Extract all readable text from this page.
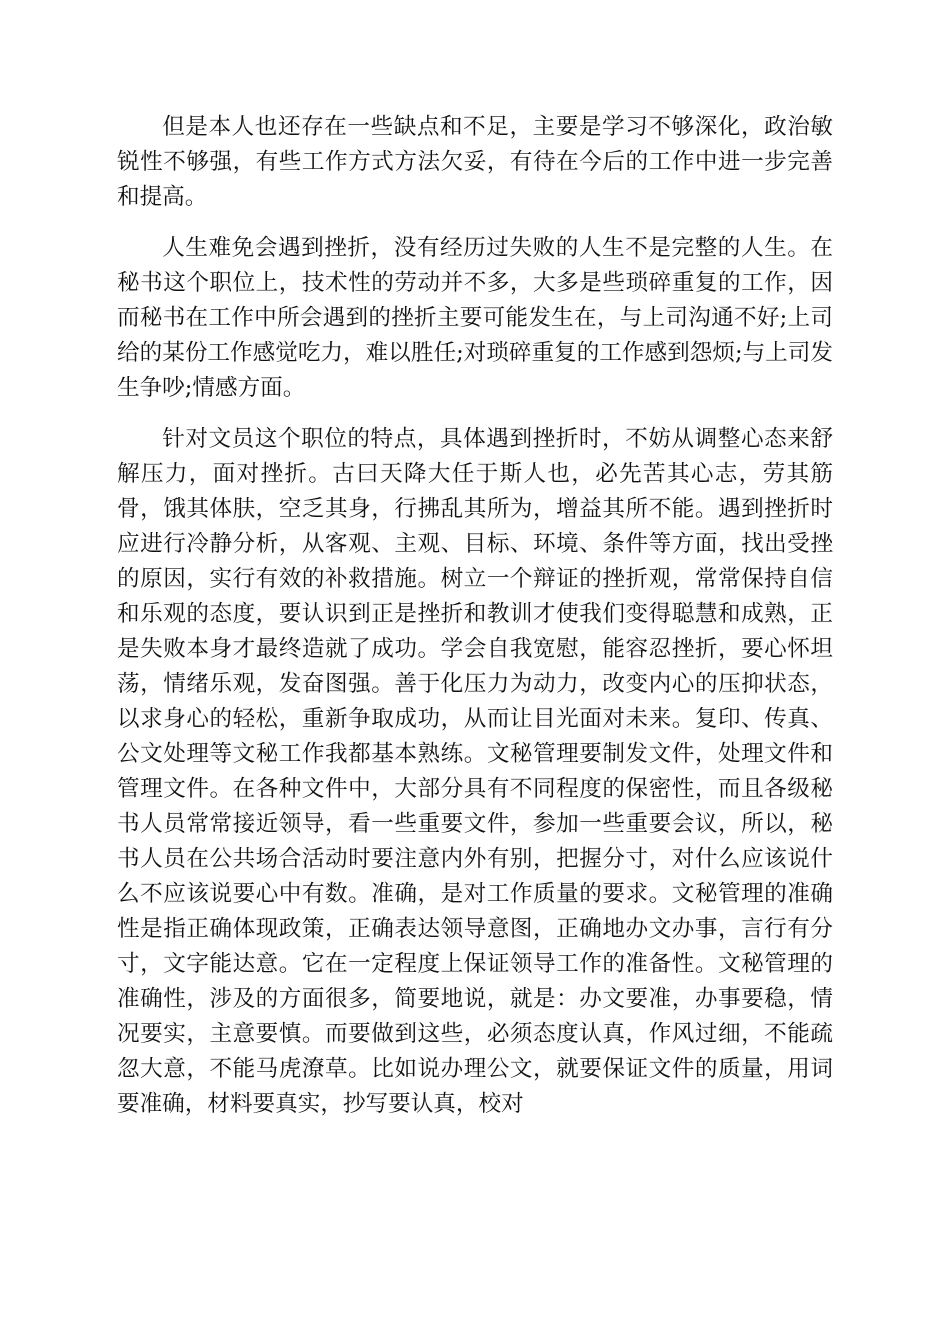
但是本人也还存在一些缺点和不足，主要是学习不够深化，政治敏锐性不够强，有些工作方式方法欠妥，有待在今后的工作中进一步完善和提高。

人生难免会遇到挫折，没有经历过失败的人生不是完整的人生。在秘书这个职位上，技术性的劳动并不多，大多是些琐碎重复的工作，因而秘书在工作中所会遇到的挫折主要可能发生在，与上司沟通不好;上司给的某份工作感觉吃力，难以胜任;对琐碎重复的工作感到怨烦;与上司发生争吵;情感方面。

针对文员这个职位的特点，具体遇到挫折时，不妨从调整心态来舒解压力，面对挫折。古曰天降大任于斯人也，必先苦其心志，劳其筋骨，饿其体肤，空乏其身，行拂乱其所为，增益其所不能。遇到挫折时应进行冷静分析，从客观、主观、目标、环境、条件等方面，找出受挫的原因，实行有效的补救措施。树立一个辩证的挫折观，常常保持自信和乐观的态度，要认识到正是挫折和教训才使我们变得聪慧和成熟，正是失败本身才最终造就了成功。学会自我宽慰，能容忍挫折，要心怀坦荡，情绪乐观，发奋图强。善于化压力为动力，改变内心的压抑状态，以求身心的轻松，重新争取成功，从而让目光面对未来。复印、传真、公文处理等文秘工作我都基本熟练。文秘管理要制发文件，处理文件和管理文件。在各种文件中，大部分具有不同程度的保密性，而且各级秘书人员常常接近领导，看一些重要文件，参加一些重要会议，所以，秘书人员在公共场合活动时要注意内外有别，把握分寸，对什么应该说什么不应该说要心中有数。准确，是对工作质量的要求。文秘管理的准确性是指正确体现政策，正确表达领导意图，正确地办文办事，言行有分寸，文字能达意。它在一定程度上保证领导工作的准备性。文秘管理的准确性，涉及的方面很多，简要地说，就是：办文要准，办事要稳，情况要实，主意要慎。而要做到这些，必须态度认真，作风过细，不能疏忽大意，不能马虎潦草。比如说办理公文，就要保证文件的质量，用词要准确，材料要真实，抄写要认真，校对
